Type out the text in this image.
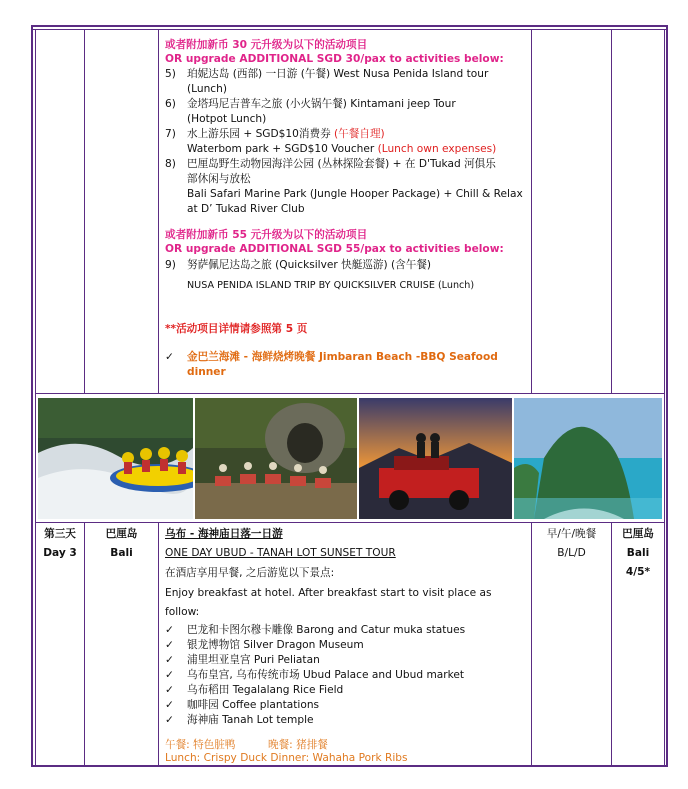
或者附加新币 30 元升级为以下的活动项目
OR upgrade ADDITIONAL SGD 30/pax to activities below:
5) 珀妮达岛 (西部) 一日游 (午餐) West Nusa Penida Island tour
(Lunch)
6) 金塔玛尼吉普车之旅 (小火锅午餐) Kintamani jeep Tour
(Hotpot Lunch)
7) 水上游乐园 + SGD$10消费券 (午餐自理)
Waterbom park + SGD$10 Voucher (Lunch own expenses)
8) 巴厘岛野生动物园海洋公园 (丛林探险套餐) + 在 D'Tukad 河俱乐
部休闲与放松
Bali Safari Marine Park (Jungle Hooper Package) + Chill & Relax
at D’ Tukad River Club
或者附加新币 55 元升级为以下的活动项目
OR upgrade ADDITIONAL SGD 55/pax to activities below:
9) 努萨佩尼达岛之旅 (Quicksilver 快艇巡游) (含午餐)
NUSA PENIDA ISLAND TRIP BY QUICKSILVER CRUISE (Lunch)
**活动项目详情请参照第 5 页
✓ 金巴兰海滩 - 海鲜烧烤晚餐 Jimbaran Beach -BBQ Seafood
dinner
第三天
Day 3
巴厘岛
Bali
乌布 - 海神庙日落一日游
ONE DAY UBUD - TANAH LOT SUNSET TOUR
在酒店享用早餐, 之后游览以下景点:
Enjoy breakfast at hotel. After breakfast start to visit place as
follow:
✓ 巴龙和卡图尔穆卡雕像 Barong and Catur muka statues
✓ 银龙博物馆 Silver Dragon Museum
✓ 浦里坦亚皇宫 Puri Peliatan
✓ 乌布皇宫, 乌布传统市场 Ubud Palace and Ubud market
✓ 乌布稻田 Tegalalang Rice Field
✓ 咖啡园 Coffee plantations
✓ 海神庙 Tanah Lot temple
午餐: 特色脏鸭	晚餐: 猪排餐
Lunch: Crispy Duck Dinner: Wahaha Pork Ribs
早/午/晚餐
B/L/D
巴厘岛
Bali
4/5*
